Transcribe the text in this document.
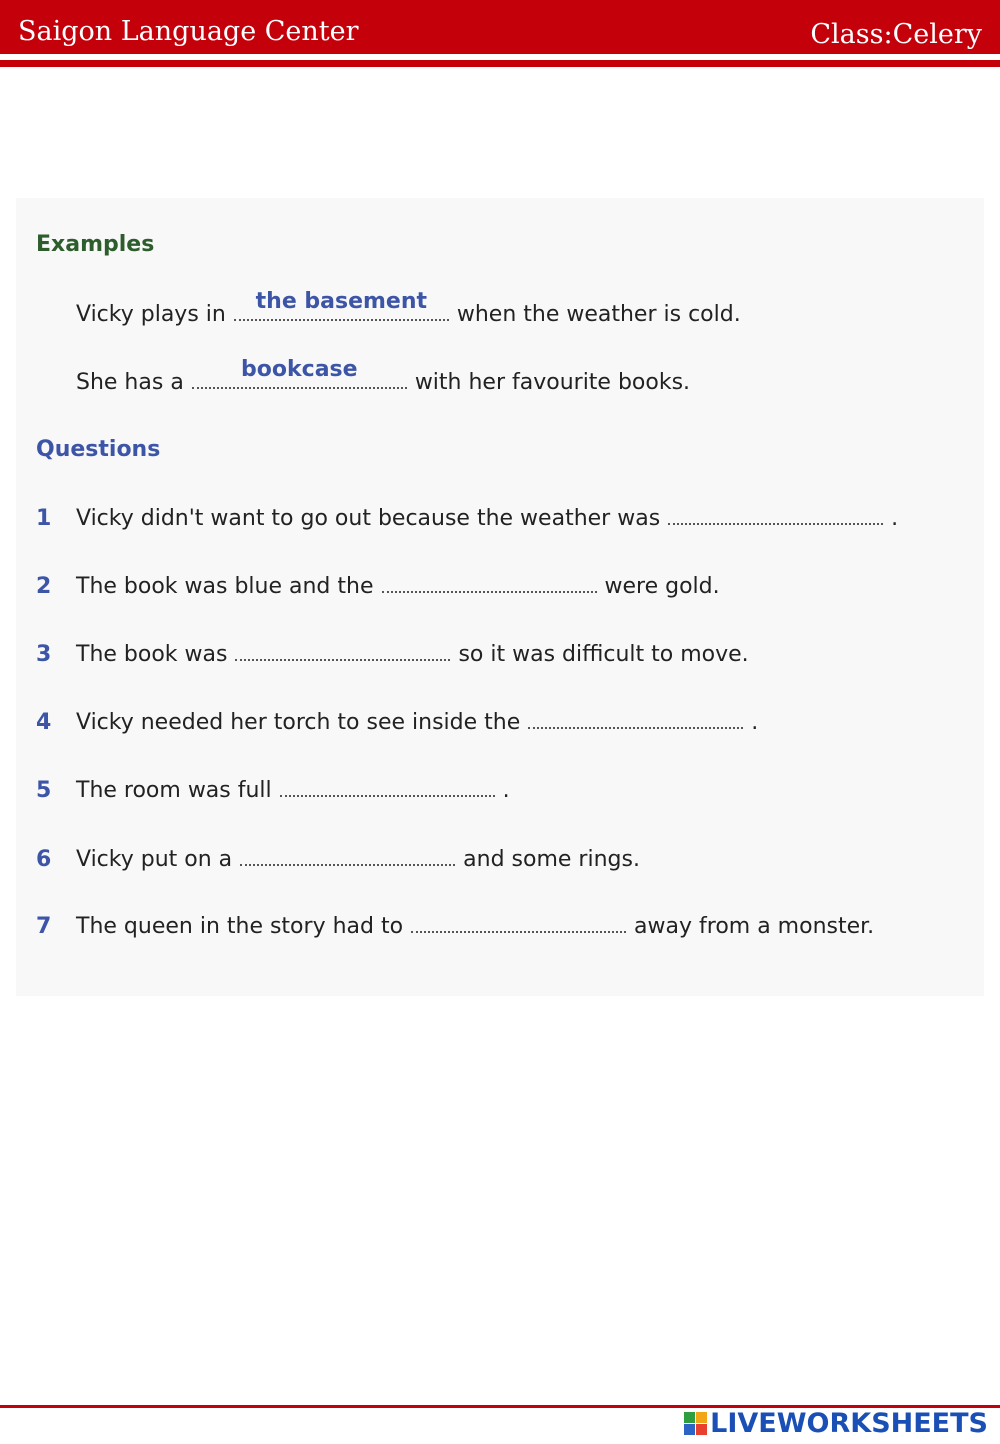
Saigon Language Center	Class:Celery
Examples
Vicky plays in
the basement
when the weather is cold.
She has a
bookcase
with her favourite books.
Questions
1 Vicky didn't want to go out because the weather was	.
2 The book was blue and the	were gold.
3 The book was	so it was difficult to move.
4 Vicky needed her torch to see inside the	.
5 The room was full	.
6 Vicky put on a	and some rings.
7 The queen in the story had to	away from a monster.
LIVEWORKSHEETS
